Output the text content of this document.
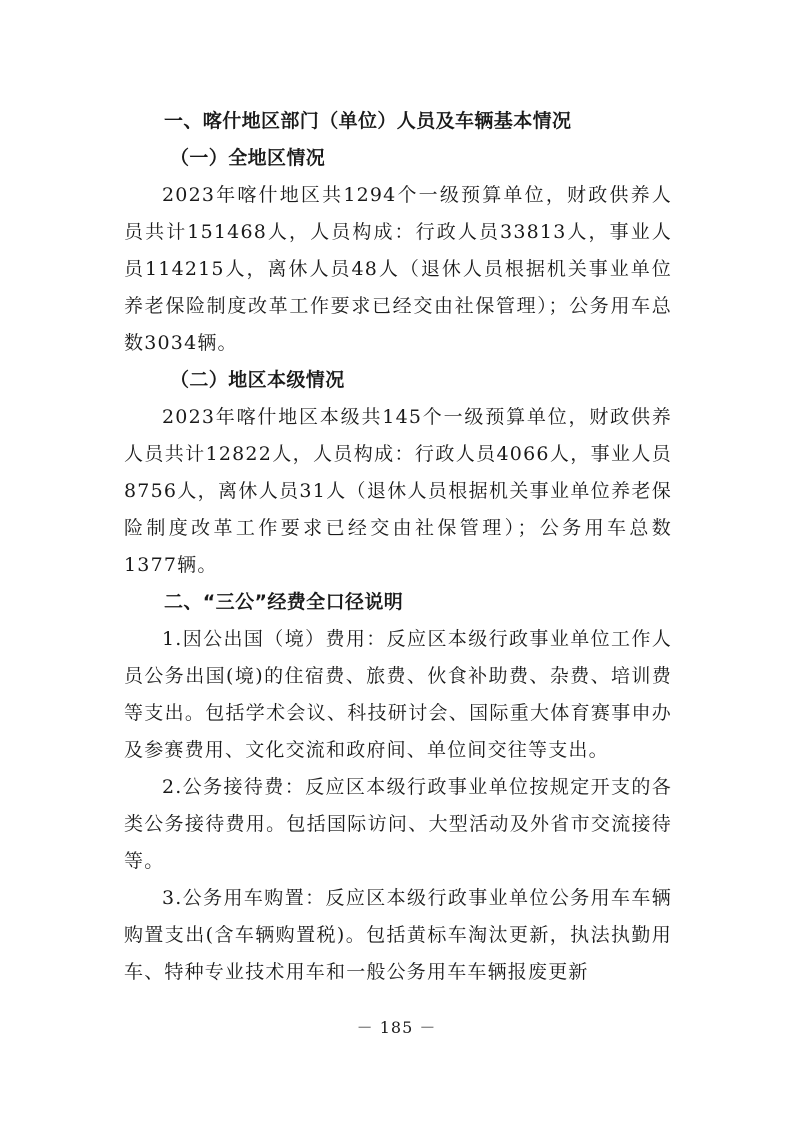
一、喀什地区部门（单位）人员及车辆基本情况
（一）全地区情况

2023年喀什地区共1294个一级预算单位，财政供养人员共计151468人，人员构成：行政人员33813人，事业人员114215人，离休人员48人（退休人员根据机关事业单位养老保险制度改革工作要求已经交由社保管理）；公务用车总数3034辆。

（二）地区本级情况

2023年喀什地区本级共145个一级预算单位，财政供养人员共计12822人，人员构成：行政人员4066人，事业人员8756人，离休人员31人（退休人员根据机关事业单位养老保险制度改革工作要求已经交由社保管理）；公务用车总数1377辆。

二、“三公”经费全口径说明

1.因公出国（境）费用：反应区本级行政事业单位工作人员公务出国(境)的住宿费、旅费、伙食补助费、杂费、培训费等支出。包括学术会议、科技研讨会、国际重大体育赛事申办及参赛费用、文化交流和政府间、单位间交往等支出。

2.公务接待费：反应区本级行政事业单位按规定开支的各类公务接待费用。包括国际访问、大型活动及外省市交流接待等。

3.公务用车购置：反应区本级行政事业单位公务用车车辆购置支出(含车辆购置税)。包括黄标车淘汰更新，执法执勤用车、特种专业技术用车和一般公务用车车辆报废更新

－ 185 －
